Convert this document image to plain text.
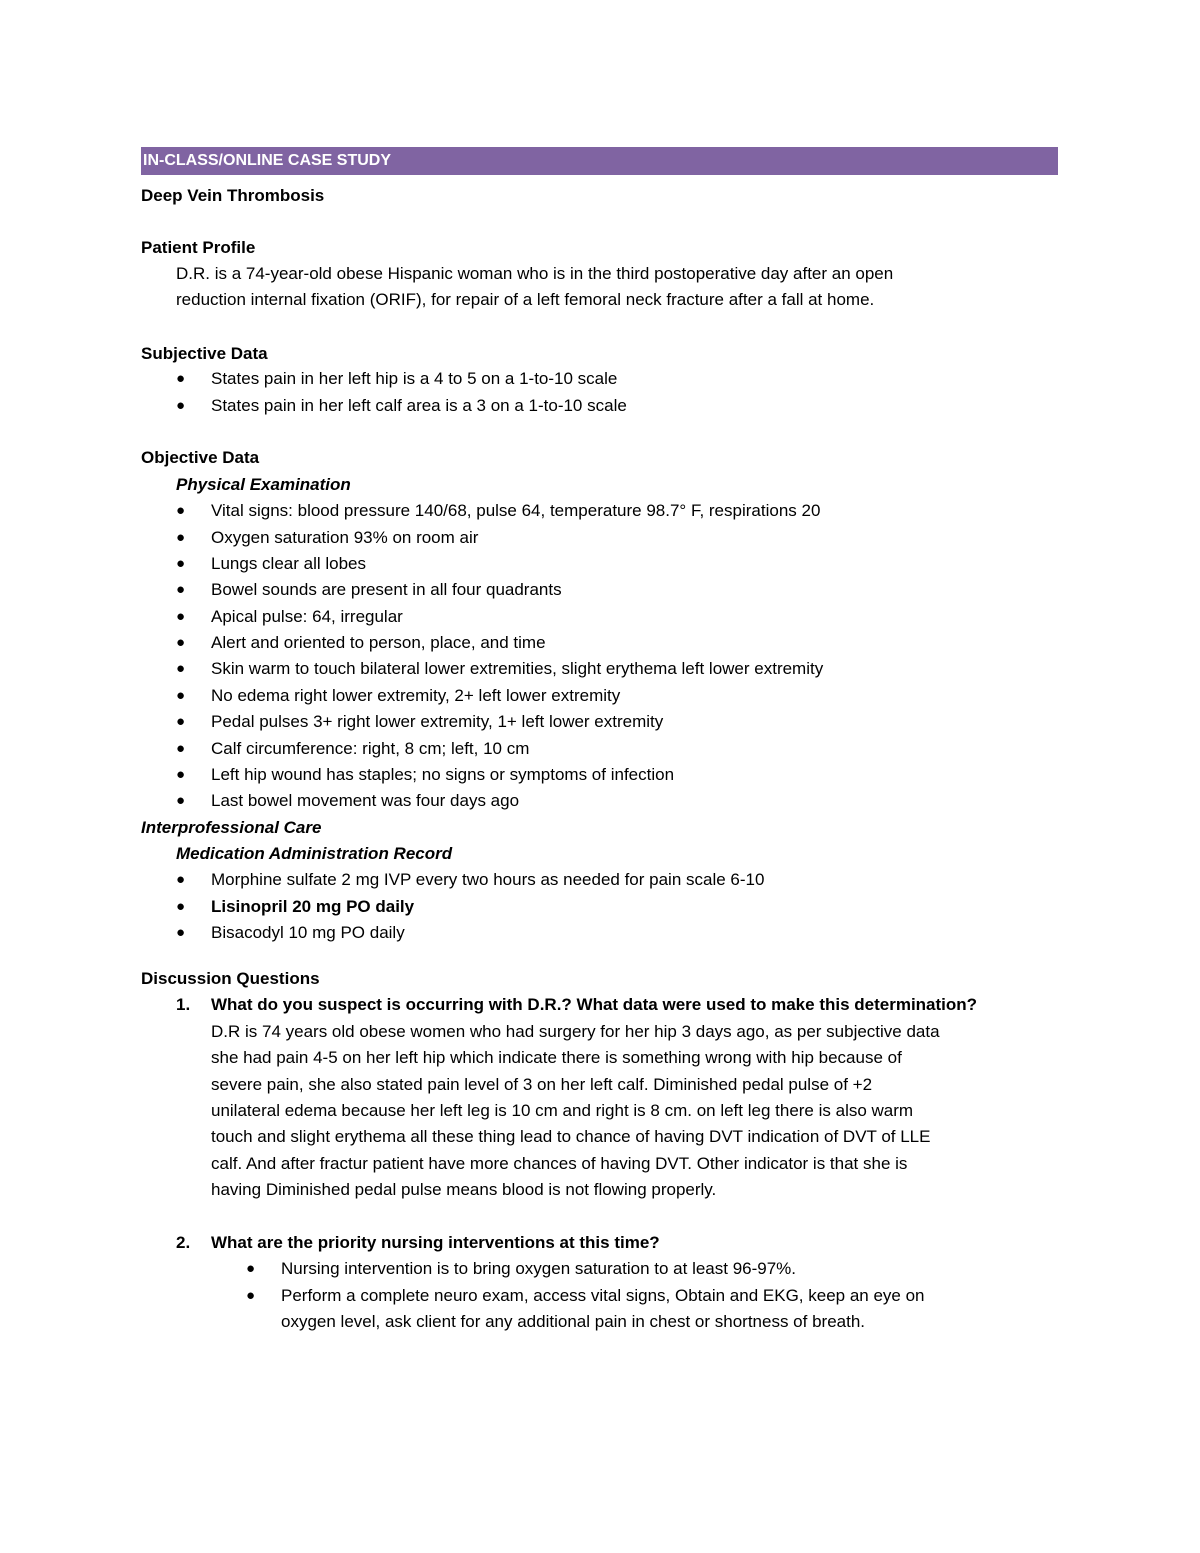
IN-CLASS/ONLINE CASE STUDY
Deep Vein Thrombosis
Patient Profile
D.R. is a 74-year-old obese Hispanic woman who is in the third postoperative day after an open
reduction internal fixation (ORIF), for repair of a left femoral neck fracture after a fall at home.
Subjective Data
● States pain in her left hip is a 4 to 5 on a 1-to-10 scale
● States pain in her left calf area is a 3 on a 1-to-10 scale
Objective Data
Physical Examination
● Vital signs: blood pressure 140/68, pulse 64, temperature 98.7° F, respirations 20
● Oxygen saturation 93% on room air
● Lungs clear all lobes
● Bowel sounds are present in all four quadrants
● Apical pulse: 64, irregular
● Alert and oriented to person, place, and time
● Skin warm to touch bilateral lower extremities, slight erythema left lower extremity
● No edema right lower extremity, 2+ left lower extremity
● Pedal pulses 3+ right lower extremity, 1+ left lower extremity
● Calf circumference: right, 8 cm; left, 10 cm
● Left hip wound has staples; no signs or symptoms of infection
● Last bowel movement was four days ago
Interprofessional Care
Medication Administration Record
● Morphine sulfate 2 mg IVP every two hours as needed for pain scale 6-10
● Lisinopril 20 mg PO daily
● Bisacodyl 10 mg PO daily
Discussion Questions
1. What do you suspect is occurring with D.R.? What data were used to make this determination?
D.R is 74 years old obese women who had surgery for her hip 3 days ago, as per subjective data
she had pain 4-5 on her left hip which indicate there is something wrong with hip because of
severe pain, she also stated pain level of 3 on her left calf. Diminished pedal pulse of +2
unilateral edema because her left leg is 10 cm and right is 8 cm. on left leg there is also warm
touch and slight erythema all these thing lead to chance of having DVT indication of DVT of LLE
calf. And after fractur patient have more chances of having DVT. Other indicator is that she is
having Diminished pedal pulse means blood is not flowing properly.
2. What are the priority nursing interventions at this time?
● Nursing intervention is to bring oxygen saturation to at least 96-97%.
● Perform a complete neuro exam, access vital signs, Obtain and EKG, keep an eye on
oxygen level, ask client for any additional pain in chest or shortness of breath.
